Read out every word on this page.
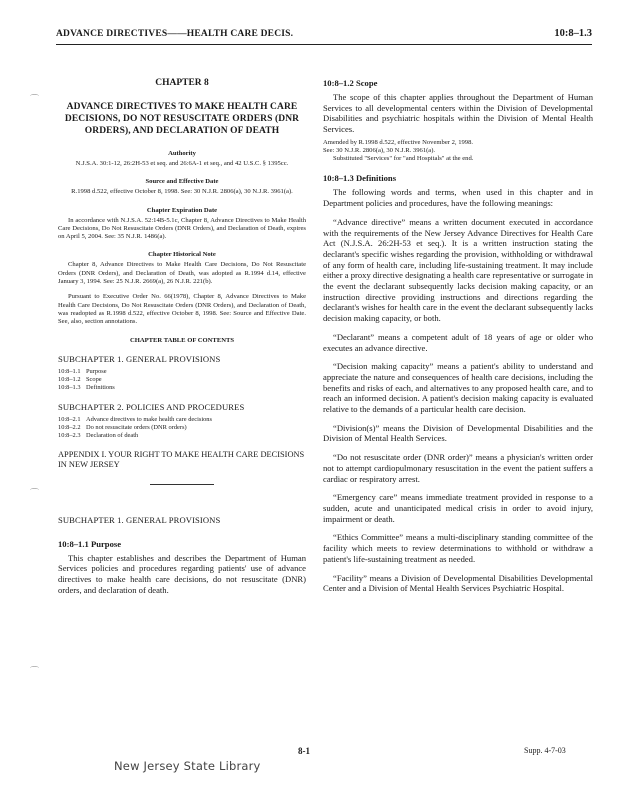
ADVANCE DIRECTIVES——HEALTH CARE DECIS.	10:8–1.3
⌒
⌒
⌒

CHAPTER 8

ADVANCE DIRECTIVES TO MAKE HEALTH CARE DECISIONS, DO NOT RESUSCITATE ORDERS (DNR ORDERS), AND DECLARATION OF DEATH

Authority

N.J.S.A. 30:1-12, 26:2H-53 et seq. and 26:6A-1 et seq., and 42 U.S.C. § 1395cc.

Source and Effective Date

R.1998 d.522, effective October 8, 1998. See: 30 N.J.R. 2806(a), 30 N.J.R. 3961(a).

Chapter Expiration Date

In accordance with N.J.S.A. 52:14B-5.1c, Chapter 8, Advance Directives to Make Health Care Decisions, Do Not Resuscitate Orders (DNR Orders), and Declaration of Death, expires on April 5, 2004. See: 35 N.J.R. 1486(a).

Chapter Historical Note

Chapter 8, Advance Directives to Make Health Care Decisions, Do Not Resuscitate Orders (DNR Orders), and Declaration of Death, was adopted as R.1994 d.14, effective January 3, 1994. See: 25 N.J.R. 2669(a), 26 N.J.R. 221(b).

Pursuant to Executive Order No. 66(1978), Chapter 8, Advance Directives to Make Health Care Decisions, Do Not Resuscitate Orders (DNR Orders), and Declaration of Death, was readopted as R.1998 d.522, effective October 8, 1998. See: Source and Effective Date. See, also, section annotations.

CHAPTER TABLE OF CONTENTS

SUBCHAPTER 1. GENERAL PROVISIONS

10:8–1.1 Purpose
10:8–1.2 Scope
10:8–1.3 Definitions

SUBCHAPTER 2. POLICIES AND PROCEDURES

10:8–2.1 Advance directives to make health care decisions
10:8–2.2 Do not resuscitate orders (DNR orders)
10:8–2.3 Declaration of death

APPENDIX I. YOUR RIGHT TO MAKE HEALTH CARE DECISIONS IN NEW JERSEY

SUBCHAPTER 1. GENERAL PROVISIONS

10:8–1.1 Purpose

This chapter establishes and describes the Department of Human Services policies and procedures regarding patients' use of advance directives to make health care decisions, do not resuscitate (DNR) orders, and declaration of death.

10:8–1.2 Scope

The scope of this chapter applies throughout the Department of Human Services to all developmental centers within the Division of Developmental Disabilities and psychiatric hospitals within the Division of Mental Health Services.

Amended by R.1998 d.522, effective November 2, 1998.
See: 30 N.J.R. 2806(a), 30 N.J.R. 3961(a).
Substituted "Services" for "and Hospitals" at the end.

10:8–1.3 Definitions

The following words and terms, when used in this chapter and in Department policies and procedures, have the following meanings:

“Advance directive” means a written document executed in accordance with the requirements of the New Jersey Advance Directives for Health Care Act (N.J.S.A. 26:2H-53 et seq.). It is a written instruction stating the declarant's specific wishes regarding the provision, withholding or withdrawal of any form of health care, including life-sustaining treatment. It may include either a proxy directive designating a health care representative or surrogate in the event the declarant subsequently lacks decision making capacity, or an instruction directive providing instructions and directions regarding the declarant's wishes for health care in the event the declarant subsequently lacks decision making capacity, or both.

“Declarant” means a competent adult of 18 years of age or older who executes an advance directive.

“Decision making capacity” means a patient's ability to understand and appreciate the nature and consequences of health care decisions, including the benefits and risks of each, and alternatives to any proposed health care, and to reach an informed decision. A patient's decision making capacity is evaluated relative to the demands of a particular health care decision.

“Division(s)” means the Division of Developmental Disabilities and the Division of Mental Health Services.

“Do not resuscitate order (DNR order)” means a physician's written order not to attempt cardiopulmonary resuscitation in the event the patient suffers a cardiac or respiratory arrest.

“Emergency care” means immediate treatment provided in response to a sudden, acute and unanticipated medical crisis in order to avoid injury, impairment or death.

“Ethics Committee” means a multi-disciplinary standing committee of the facility which meets to review determinations to withhold or withdraw a patient's life-sustaining treatment as needed.

“Facility” means a Division of Developmental Disabilities Developmental Center and a Division of Mental Health Services Psychiatric Hospital.

8-1	Supp. 4-7-03
New Jersey State Library
